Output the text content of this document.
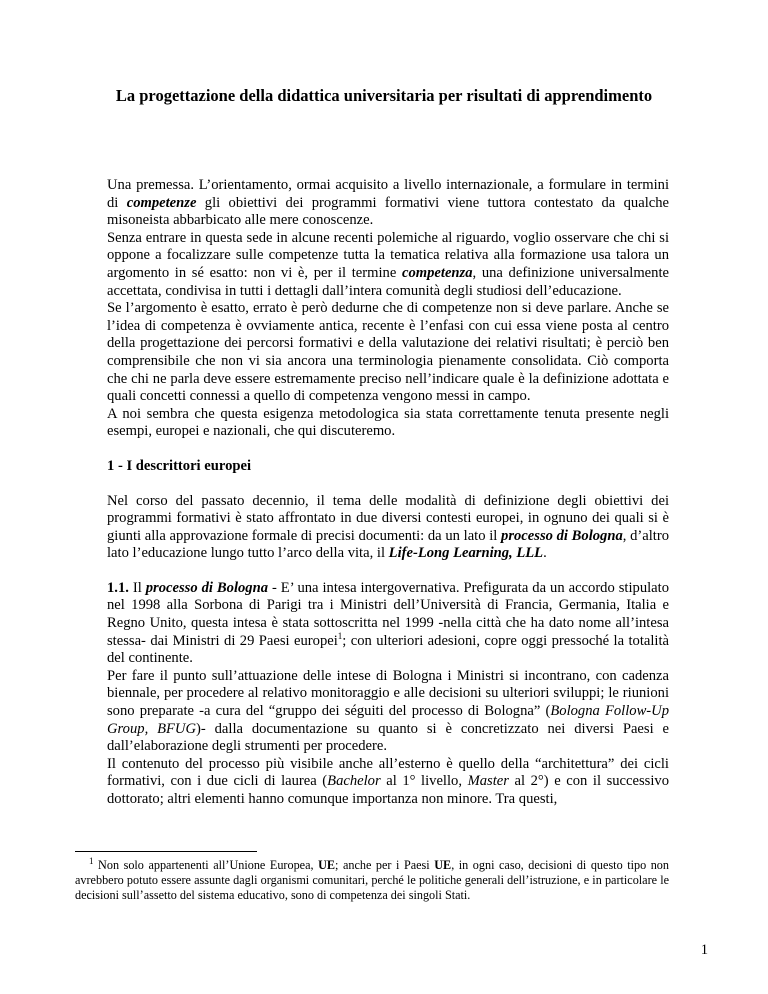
La progettazione della didattica universitaria per risultati di apprendimento

Una premessa. L’orientamento, ormai acquisito a livello internazionale, a formulare in termini di competenze gli obiettivi dei programmi formativi viene tuttora contestato da qualche misoneista abbarbicato alle mere conoscenze.

Senza entrare in questa sede in alcune recenti polemiche al riguardo, voglio osservare che chi si oppone a focalizzare sulle competenze tutta la tematica relativa alla formazione usa talora un argomento in sé esatto: non vi è, per il termine competenza, una definizione universalmente accettata, condivisa in tutti i dettagli dall’intera comunità degli studiosi dell’educazione.

Se l’argomento è esatto, errato è però dedurne che di competenze non si deve parlare. Anche se l’idea di competenza è ovviamente antica, recente è l’enfasi con cui essa viene posta al centro della progettazione dei percorsi formativi e della valutazione dei relativi risultati; è perciò ben comprensibile che non vi sia ancora una terminologia pienamente consolidata. Ciò comporta che chi ne parla deve essere estremamente preciso nell’indicare quale è la definizione adottata e quali concetti connessi a quello di competenza vengono messi in campo.

A noi sembra che questa esigenza metodologica sia stata correttamente tenuta presente negli esempi, europei e nazionali, che qui discuteremo.

1 - I descrittori europei

Nel corso del passato decennio, il tema delle modalità di definizione degli obiettivi dei programmi formativi è stato affrontato in due diversi contesti europei, in ognuno dei quali si è giunti alla approvazione formale di precisi documenti: da un lato il processo di Bologna, d’altro lato l’educazione lungo tutto l’arco della vita, il Life-Long Learning, LLL.

1.1. Il processo di Bologna - E’ una intesa intergovernativa. Prefigurata da un accordo stipulato nel 1998 alla Sorbona di Parigi tra i Ministri dell’Università di Francia, Germania, Italia e Regno Unito, questa intesa è stata sottoscritta nel 1999 -nella città che ha dato nome all’intesa stessa- dai Ministri di 29 Paesi europei$^1$; con ulteriori adesioni, copre oggi pressoché la totalità del continente.

Per fare il punto sull’attuazione delle intese di Bologna i Ministri si incontrano, con cadenza biennale, per procedere al relativo monitoraggio e alle decisioni su ulteriori sviluppi; le riunioni sono preparate -a cura del “gruppo dei séguiti del processo di Bologna” (Bologna Follow-Up Group, BFUG)- dalla documentazione su quanto si è concretizzato nei diversi Paesi e dall’elaborazione degli strumenti per procedere.

Il contenuto del processo più visibile anche all’esterno è quello della “architettura” dei cicli formativi, con i due cicli di laurea (Bachelor al 1° livello, Master al 2°) e con il successivo dottorato; altri elementi hanno comunque importanza non minore. Tra questi,

$^1$ Non solo appartenenti all’Unione Europea, UE; anche per i Paesi UE, in ogni caso, decisioni di questo tipo non avrebbero potuto essere assunte dagli organismi comunitari, perché le politiche generali dell’istruzione, e in particolare le decisioni sull’assetto del sistema educativo, sono di competenza dei singoli Stati.

1
